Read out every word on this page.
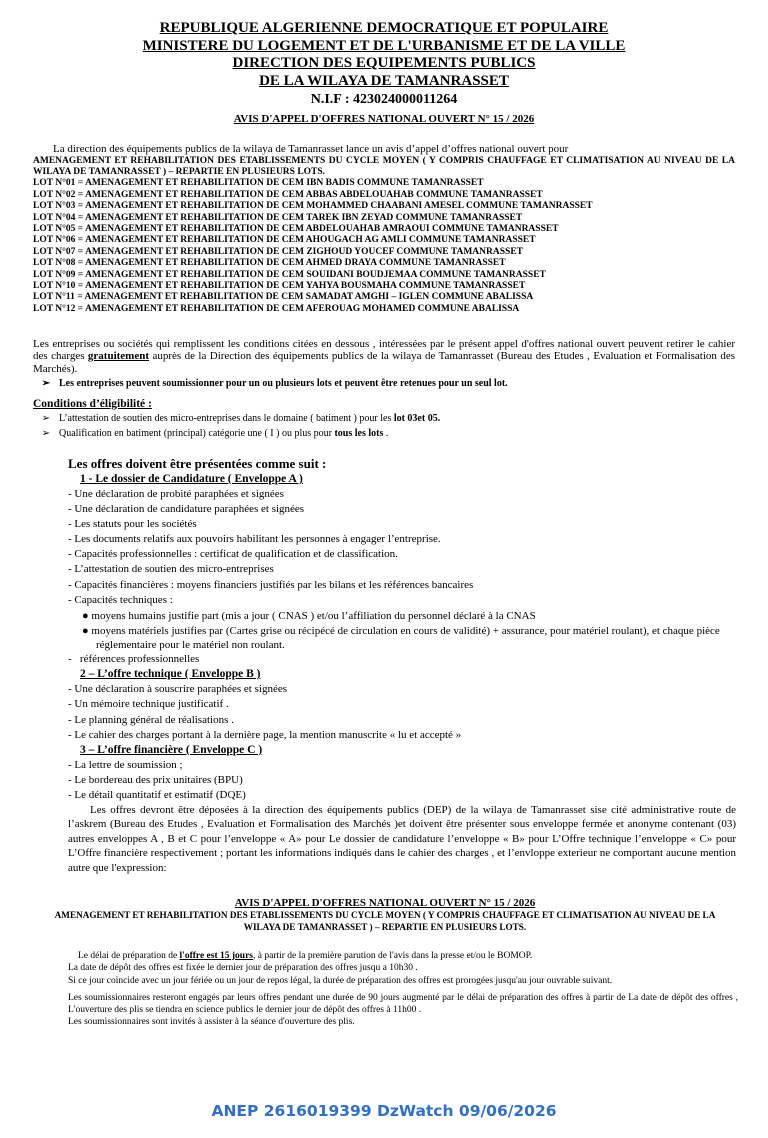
REPUBLIQUE ALGERIENNE DEMOCRATIQUE ET POPULAIRE
MINISTERE DU LOGEMENT ET DE L'URBANISME ET DE LA VILLE
DIRECTION DES EQUIPEMENTS PUBLICS
DE LA WILAYA DE TAMANRASSET
N.I.F : 423024000011264
AVIS D'APPEL D'OFFRES NATIONAL OUVERT N° 15 / 2026
La direction des équipements publics de la wilaya de Tamanrasset lance un avis d’appel d’offres national ouvert pour
AMENAGEMENT ET REHABILITATION DES ETABLISSEMENTS DU CYCLE MOYEN ( Y COMPRIS CHAUFFAGE ET CLIMATISATION AU NIVEAU DE LA WILAYA DE TAMANRASSET ) – REPARTIE EN PLUSIEURS LOTS.
LOT N°01 = AMENAGEMENT ET REHABILITATION DE CEM IBN BADIS COMMUNE TAMANRASSET
LOT N°02 = AMENAGEMENT ET REHABILITATION DE CEM ABBAS ABDELOUAHAB COMMUNE TAMANRASSET
LOT N°03 = AMENAGEMENT ET REHABILITATION DE CEM MOHAMMED CHAABANI AMESEL COMMUNE TAMANRASSET
LOT N°04 = AMENAGEMENT ET REHABILITATION DE CEM TAREK IBN ZEYAD COMMUNE TAMANRASSET
LOT N°05 = AMENAGEMENT ET REHABILITATION DE CEM ABDELOUAHAB AMRAOUI COMMUNE TAMANRASSET
LOT N°06 = AMENAGEMENT ET REHABILITATION DE CEM AHOUGACH AG AMLI COMMUNE TAMANRASSET
LOT N°07 = AMENAGEMENT ET REHABILITATION DE CEM ZIGHOUD YOUCEF COMMUNE TAMANRASSET
LOT N°08 = AMENAGEMENT ET REHABILITATION DE CEM AHMED DRAYA COMMUNE TAMANRASSET
LOT N°09 = AMENAGEMENT ET REHABILITATION DE CEM SOUIDANI BOUDJEMAA COMMUNE TAMANRASSET
LOT N°10 = AMENAGEMENT ET REHABILITATION DE CEM YAHYA BOUSMAHA COMMUNE TAMANRASSET
LOT N°11 = AMENAGEMENT ET REHABILITATION DE CEM SAMADAT AMGHI – IGLEN COMMUNE ABALISSA
LOT N°12 = AMENAGEMENT ET REHABILITATION DE CEM AFEROUAG MOHAMED COMMUNE ABALISSA
Les entreprises ou sociétés qui remplissent les conditions citées en dessous , intéressées par le présent appel d'offres national ouvert peuvent retirer le cahier des charges gratuitement auprès de la Direction des équipements publics de la wilaya de Tamanrasset (Bureau des Etudes , Evaluation et Formalisation des Marchés).
➢ Les entreprises peuvent soumissionner pour un ou plusieurs lots et peuvent être retenues pour un seul lot.
Conditions d’éligibilité :
➢ L’attestation de soutien des micro-entreprises dans le domaine ( batiment ) pour les lot 03et 05.
➢ Qualification en batiment (principal) catégorie une ( I ) ou plus pour tous les lots .
Les offres doivent être présentées comme suit :
1 - Le dossier de Candidature ( Enveloppe A )
- Une déclaration de probité paraphées et signées
- Une déclaration de candidature paraphées et signées
- Les statuts pour les sociétés
- Les documents relatifs aux pouvoirs habilitant les personnes à engager l’entreprise.
- Capacités professionnelles : certificat de qualification et de classification.
- L’attestation de soutien des micro-entreprises
- Capacités financières : moyens financiers justifiés par les bilans et les références bancaires
- Capacités techniques :
● moyens humains justifie part (mis a jour ( CNAS ) et/ou l’affiliation du personnel déclaré à la CNAS
● moyens matériels justifies par (Cartes grise ou récipécé de circulation en cours de validité) + assurance, pour matériel roulant), et chaque pièce réglementaire pour le matériel non roulant.
-   références professionnelles
2 – L’offre technique ( Enveloppe B )
- Une déclaration à souscrire paraphées et signées
- Un mémoire technique justificatif .
- Le planning général de réalisations .
- Le cahier des charges portant à la dernière page, la mention manuscrite « lu et accepté »
3 – L’offre financière ( Enveloppe C )
- La lettre de soumission ;
- Le bordereau des prix unitaires (BPU)
- Le détail quantitatif et estimatif (DQE)
Les offres devront être déposées à la direction des équipements publics (DEP) de la wilaya de Tamanrasset sise cité administrative route de l’askrem (Bureau des Etudes , Evaluation et Formalisation des Marchés )et doivent être présenter sous enveloppe fermée et anonyme contenant (03) autres enveloppes A , B et C pour l’enveloppe « A» pour Le dossier de candidature l’enveloppe « B» pour L’Offre technique l’enveloppe « C» pour L’Offre financière respectivement ; portant les informations indiqués dans le cahier des charges , et l’envloppe exterieur ne comportant aucune mention autre que l'expression:
AVIS D'APPEL D'OFFRES NATIONAL OUVERT N° 15 / 2026
AMENAGEMENT ET REHABILITATION DES ETABLISSEMENTS DU CYCLE MOYEN ( Y COMPRIS CHAUFFAGE ET CLIMATISATION AU NIVEAU DE LA WILAYA DE TAMANRASSET ) – REPARTIE EN PLUSIEURS LOTS.
Le délai de préparation de l'offre est 15 jours, à partir de la première parution de l'avis dans la presse et/ou le BOMOP.
La date de dépôt des offres est fixée le dernier jour de préparation des offres jusqu a 10h30 .
Si ce jour coïncide avec un jour fériée ou un jour de repos légal, la durée de préparation des offres est prorogées jusqu'au jour ouvrable suivant.
Les soumissionnaires resteront engagés par leurs offres pendant une durée de 90 jours augmenté par le délai de préparation des offres à partir de La date de dépôt des offres , L'ouverture des plis se tiendra en science publics le dernier jour de dépôt des offres à 11h00 .
Les soumissionnaires sont invités à assister à la séance d'ouverture des plis.
ANEP 2616019399 DzWatch 09/06/2026
